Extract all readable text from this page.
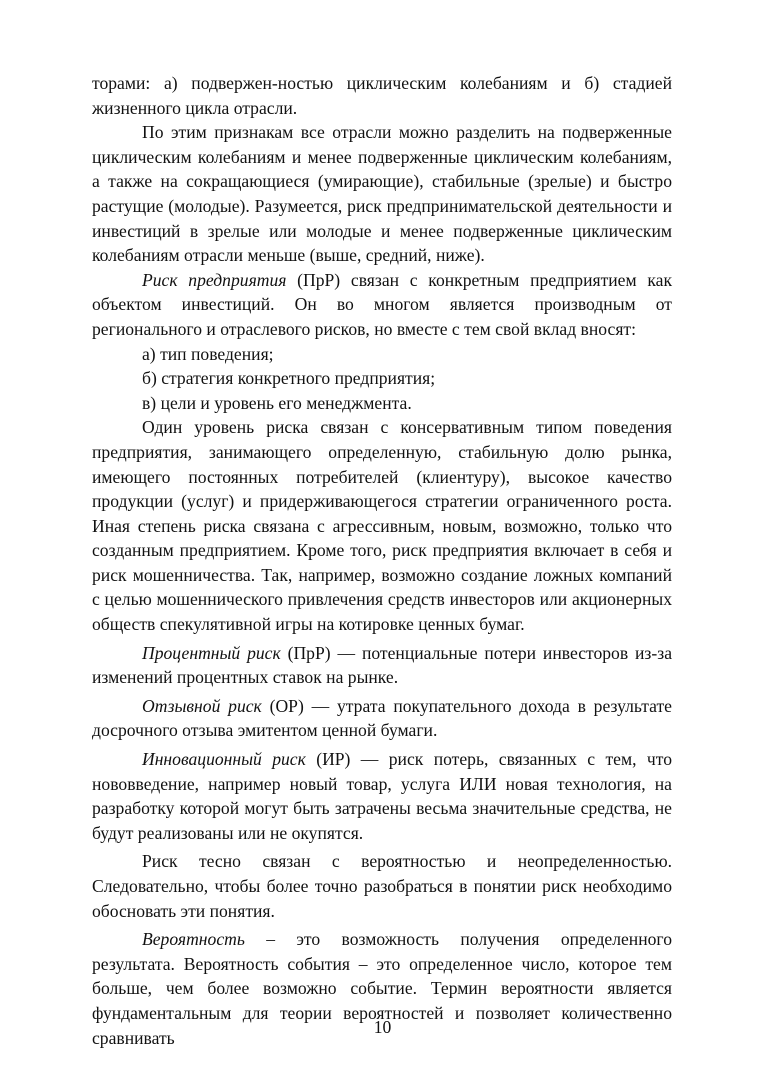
торами: а) подвержен-ностью циклическим колебаниям и б) стадией жизненного цикла отрасли.

По этим признакам все отрасли можно разделить на подверженные циклическим колебаниям и менее подверженные циклическим колебаниям, а также на сокращающиеся (умирающие), стабильные (зрелые) и быстро растущие (молодые). Разумеется, риск предпринимательской деятельности и инвестиций в зрелые или молодые и менее подверженные циклическим колебаниям отрасли меньше (выше, средний, ниже).

Риск предприятия (ПрР) связан с конкретным предприятием как объектом инвестиций. Он во многом является производным от регионального и отраслевого рисков, но вместе с тем свой вклад вносят:

а) тип поведения;

б) стратегия конкретного предприятия;

в) цели и уровень его менеджмента.

Один уровень риска связан с консервативным типом поведения предприятия, занимающего определенную, стабильную долю рынка, имеющего постоянных потребителей (клиентуру), высокое качество продукции (услуг) и придерживающегося стратегии ограниченного роста. Иная степень риска связана с агрессивным, новым, возможно, только что созданным предприятием. Кроме того, риск предприятия включает в себя и риск мошенничества. Так, например, возможно создание ложных компаний с целью мошеннического привлечения средств инвесторов или акционерных обществ спекулятивной игры на котировке ценных бумаг.

Процентный риск (ПрР) — потенциальные потери инвесторов из-за изменений процентных ставок на рынке.

Отзывной риск (ОР) — утрата покупательного дохода в результате досрочного отзыва эмитентом ценной бумаги.

Инновационный риск (ИР) — риск потерь, связанных с тем, что нововведение, например новый товар, услуга ИЛИ новая технология, на разработку которой могут быть затрачены весьма значительные средства, не будут реализованы или не окупятся.

Риск тесно связан с вероятностью и неопределенностью. Следовательно, чтобы более точно разобраться в понятии риск необходимо обосновать эти понятия.

Вероятность – это возможность получения определенного результата. Вероятность события – это определенное число, которое тем больше, чем более возможно событие. Термин вероятности является фундаментальным для теории вероятностей и позволяет количественно сравнивать

10
